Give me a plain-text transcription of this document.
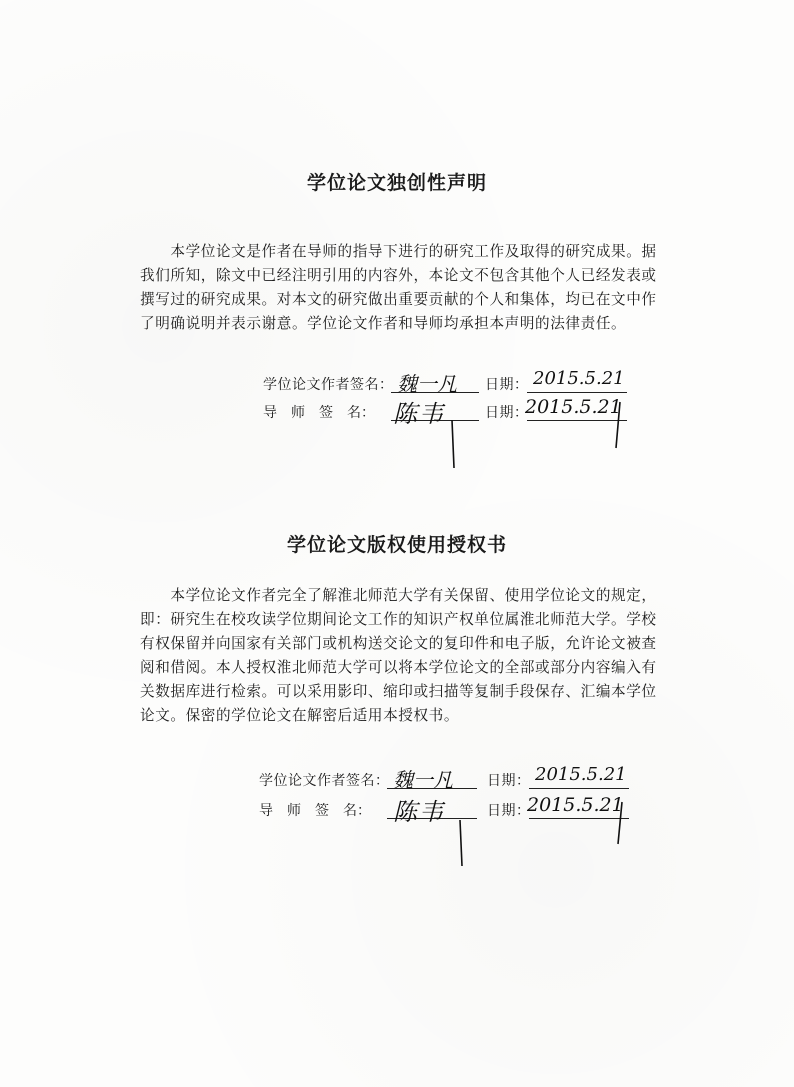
学位论文独创性声明
　　本学位论文是作者在导师的指导下进行的研究工作及取得的研究成果。据
我们所知，除文中已经注明引用的内容外，本论文不包含其他个人已经发表或
撰写过的研究成果。对本文的研究做出重要贡献的个人和集体，均已在文中作
了明确说明并表示谢意。学位论文作者和导师均承担本声明的法律责任。
学位论文作者签名： 魏一凡 日期： 2015.5.21
导　师　签　名： 陈韦	日期：
2015.5.21
学位论文版权使用授权书
　　本学位论文作者完全了解淮北师范大学有关保留、使用学位论文的规定，
即：研究生在校攻读学位期间论文工作的知识产权单位属淮北师范大学。学校
有权保留并向国家有关部门或机构送交论文的复印件和电子版，允许论文被查
阅和借阅。本人授权淮北师范大学可以将本学位论文的全部或部分内容编入有
关数据库进行检索。可以采用影印、缩印或扫描等复制手段保存、汇编本学位
论文。保密的学位论文在解密后适用本授权书。
学位论文作者签名： 魏一凡 日期： 2015.5.21
导　师　签　名： 陈韦	日期：
2015.5.21
